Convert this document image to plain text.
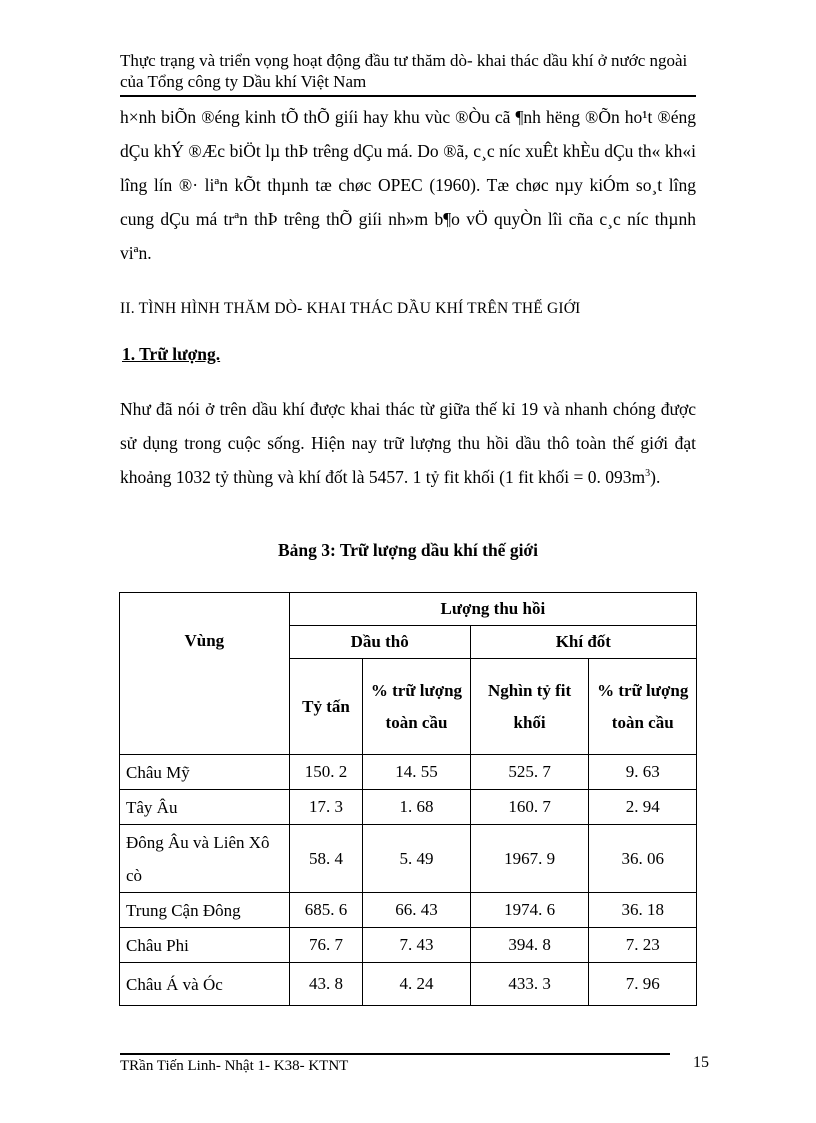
Thực trạng và triển vọng hoạt động đầu tư thăm dò- khai thác dầu khí ở nước ngoài của Tổng công ty Dầu khí Việt Nam
h×nh biÕn ®éng kinh tÕ thÕ giíi hay khu vùc ®Òu cã ¶nh hëng ®Õn ho¹t ®éng dÇu khÝ ®Æc biÖt lµ thÞ trêng dÇu má. Do ®ã, c¸c níc xuÊt khÈu dÇu th« kh«i lîng lín ®· liªn kÕt thµnh tæ chøc OPEC (1960). Tæ chøc nµy kiÓm so¸t lîng cung dÇu má trªn thÞ trêng thÕ giíi nh»m b¶o vÖ quyÒn lîi cña c¸c níc thµnh viªn.
II. TÌNH HÌNH THĂM DÒ- KHAI THÁC DẦU KHÍ TRÊN THẾ GIỚI
1. Trữ lượng.
Như đã nói ở trên dầu khí được khai thác từ giữa thế kỉ 19 và nhanh chóng được sử dụng trong cuộc sống. Hiện nay trữ lượng thu hồi dầu thô toàn thế giới đạt khoảng 1032 tỷ thùng và khí đốt là 5457. 1 tỷ fit khối (1 fit khối = 0. $093m^3$).
Bảng 3: Trữ lượng dầu khí thế giới
Vùng	Lượng thu hồi			
	Dầu thô		Khí đốt	
	Tỷ tấn	% trữ lượng toàn cầu	Nghìn tỷ fit khối	% trữ lượng toàn cầu
Châu Mỹ	150. 2	14. 55	525. 7	9. 63
Tây Âu	17. 3	1. 68	160. 7	2. 94
Đông Âu và Liên Xô cò	58. 4	5. 49	1967. 9	36. 06
Trung Cận Đông	685. 6	66. 43	1974. 6	36. 18
Châu Phi	76. 7	7. 43	394. 8	7. 23
Châu Á và Óc	43. 8	4. 24	433. 3	7. 96
TRần Tiến Linh- Nhật 1- K38- KTNT	15
